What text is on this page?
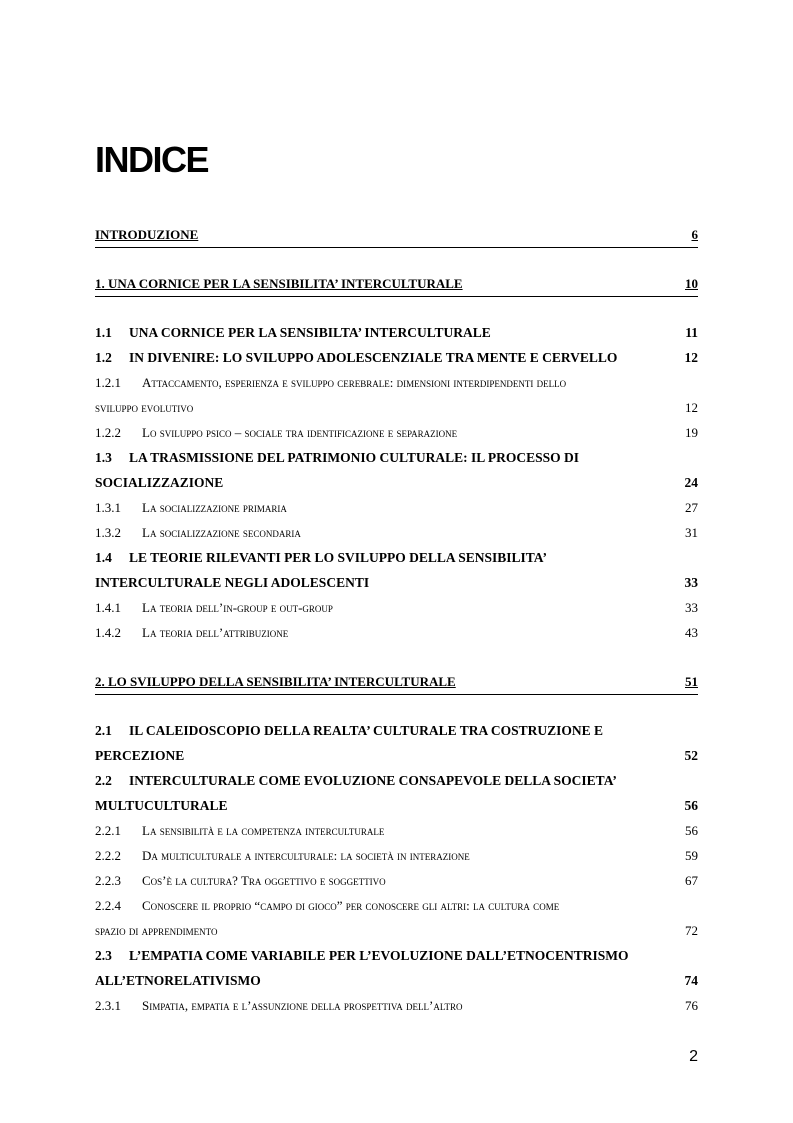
INDICE
INTRODUZIONE	6
1. UNA CORNICE PER LA SENSIBILITA’ INTERCULTURALE	10
1.1 UNA CORNICE PER LA SENSIBILTA’ INTERCULTURALE	11
1.2 IN DIVENIRE: LO SVILUPPO ADOLESCENZIALE TRA MENTE E CERVELLO	12
1.2.1 Attaccamento, esperienza e sviluppo cerebrale: dimensioni interdipendenti dello
sviluppo evolutivo	12
1.2.2 Lo sviluppo psico – sociale tra identificazione e separazione	19
1.3 LA TRASMISSIONE DEL PATRIMONIO CULTURALE: IL PROCESSO DI
SOCIALIZZAZIONE	24
1.3.1 La socializzazione primaria	27
1.3.2 La socializzazione secondaria	31
1.4 LE TEORIE RILEVANTI PER LO SVILUPPO DELLA SENSIBILITA’
INTERCULTURALE NEGLI ADOLESCENTI	33
1.4.1 La teoria dell’in-group e out-group	33
1.4.2 La teoria dell’attribuzione	43
2. LO SVILUPPO DELLA SENSIBILITA’ INTERCULTURALE	51
2.1 IL CALEIDOSCOPIO DELLA REALTA’ CULTURALE TRA COSTRUZIONE E
PERCEZIONE	52
2.2 INTERCULTURALE COME EVOLUZIONE CONSAPEVOLE DELLA SOCIETA’
MULTUCULTURALE	56
2.2.1 La sensibilità e la competenza interculturale	56
2.2.2 Da multiculturale a interculturale: la società in interazione	59
2.2.3 Cos’è la cultura? Tra oggettivo e soggettivo	67
2.2.4 Conoscere il proprio “campo di gioco” per conoscere gli altri: la cultura come
spazio di apprendimento	72
2.3 L’EMPATIA COME VARIABILE PER L’EVOLUZIONE DALL’ETNOCENTRISMO
ALL’ETNORELATIVISMO	74
2.3.1 Simpatia, empatia e l’assunzione della prospettiva dell’altro	76
2
